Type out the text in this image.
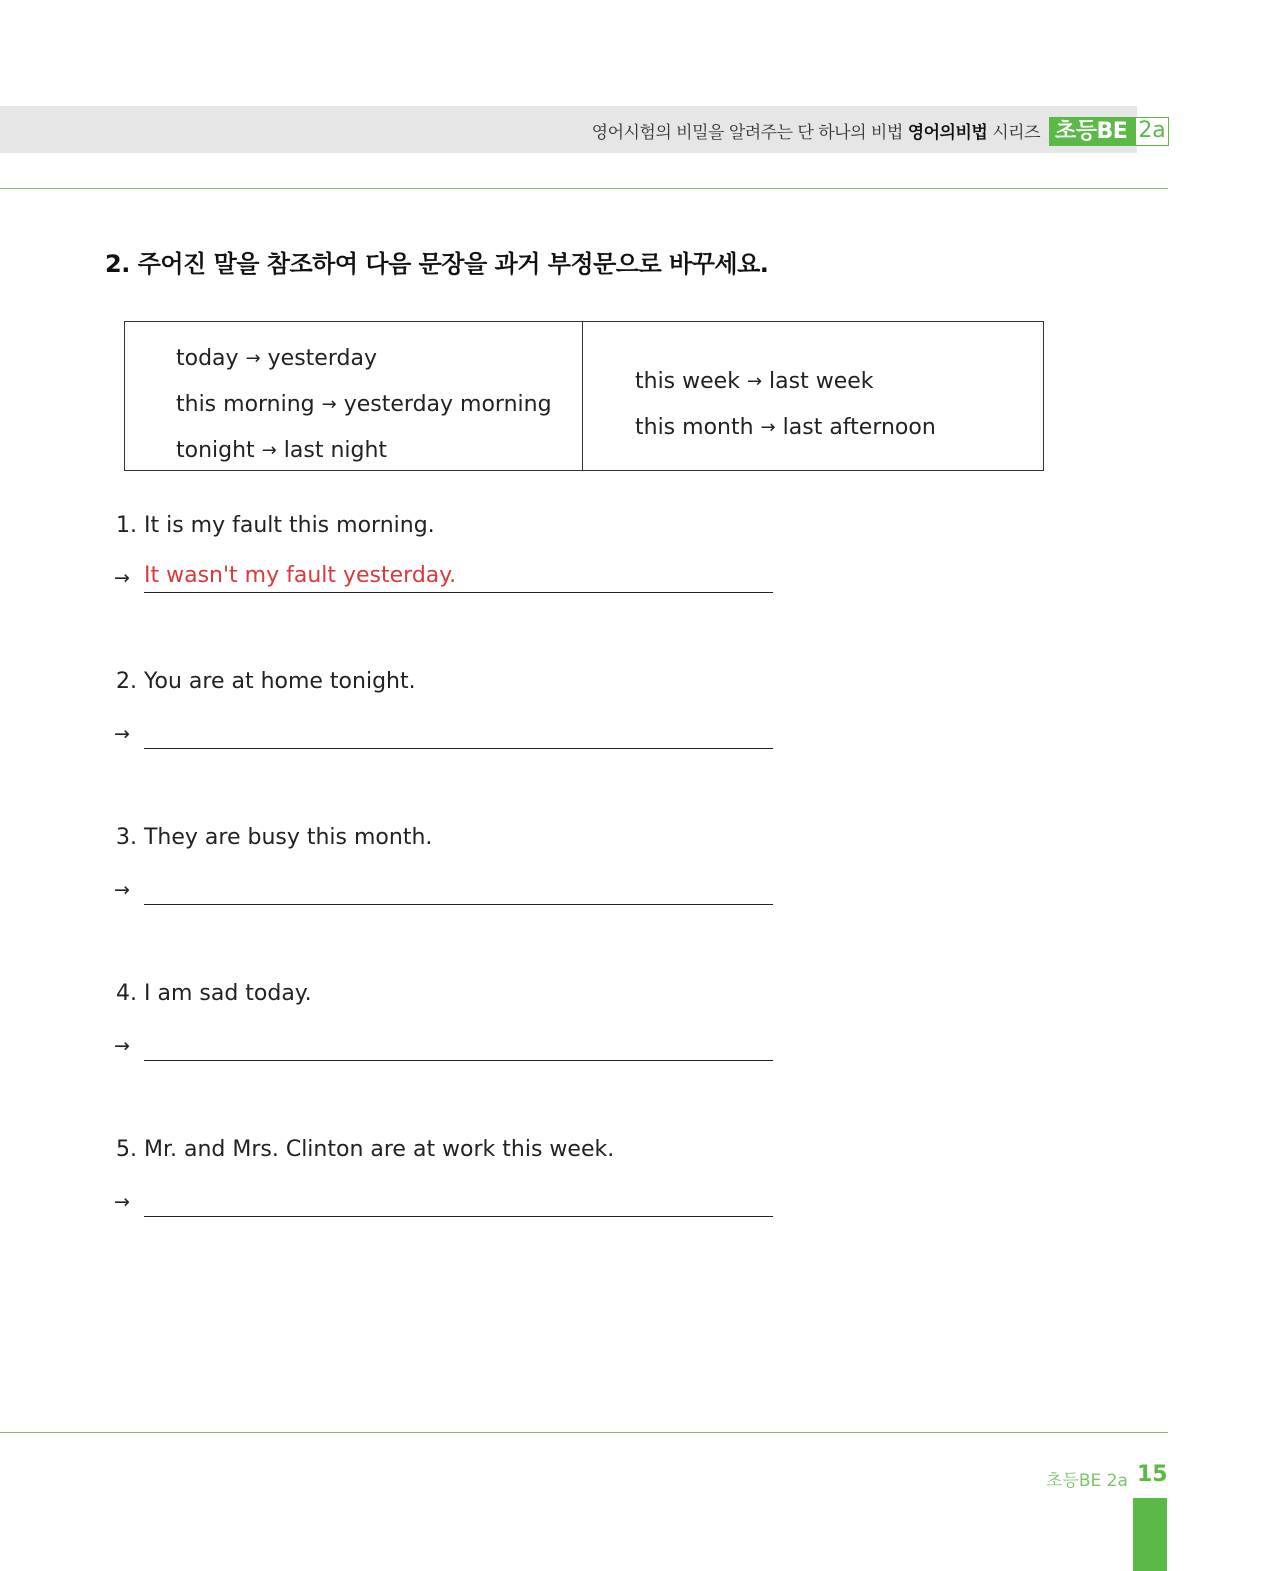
영어시험의 비밀을 알려주는 단 하나의 비법 영어의비법 시리즈 초등BE 2a
2. 주어진 말을 참조하여 다음 문장을 과거 부정문으로 바꾸세요.
today → yesterday
this morning → yesterday morning
tonight → last night
this week → last week
this month → last afternoon
1. It is my fault this morning.
→ It wasn't my fault yesterday.
2. You are at home tonight.
→
3. They are busy this month.
→
4. I am sad today.
→
5. Mr. and Mrs. Clinton are at work this week.
→
초등BE 2a 15
